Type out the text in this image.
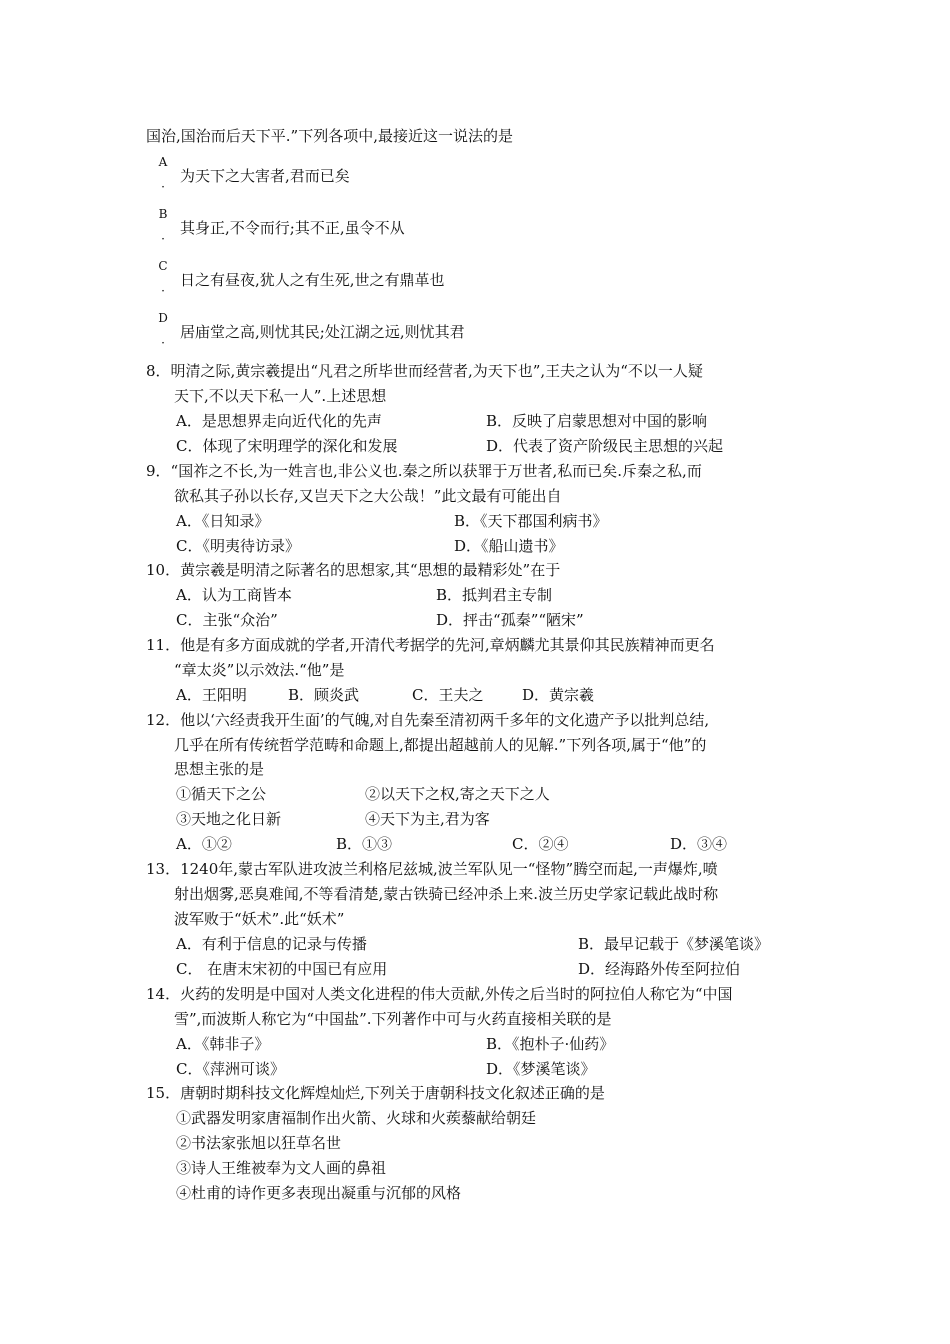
国治,国治而后天下平.”下列各项中,最接近这一说法的是
A
·
为天下之大害者,君而已矣
B
·
其身正,不令而行;其不正,虽令不从
C
·
日之有昼夜,犹人之有生死,世之有鼎革也
D
·
居庙堂之高,则忧其民;处江湖之远,则忧其君
8．明清之际,黄宗羲提出“凡君之所毕世而经营者,为天下也”,王夫之认为“不以一人疑
天下,不以天下私一人”.上述思想
A．是思想界走向近代化的先声	B．反映了启蒙思想对中国的影响
C．体现了宋明理学的深化和发展	D．代表了资产阶级民主思想的兴起
9．“国祚之不长,为一姓言也,非公义也.秦之所以获罪于万世者,私而已矣.斥秦之私,而
欲私其子孙以长存,又岂天下之大公哉！”此文最有可能出自
A．《日知录》	B．《天下郡国利病书》
C．《明夷待访录》	D．《船山遗书》
10．黄宗羲是明清之际著名的思想家,其“思想的最精彩处”在于
A．认为工商皆本	B．抵判君主专制
C．主张“众治”	D．抨击“孤秦”“陋宋”
11．他是有多方面成就的学者,开清代考据学的先河,章炳麟尤其景仰其民族精神而更名
“章太炎”以示效法.“他”是
A．王阳明	B．顾炎武	C．王夫之	D．黄宗羲
12．他以‘六经责我开生面’的气魄,对自先秦至清初两千多年的文化遗产予以批判总结,
几乎在所有传统哲学范畴和命题上,都提出超越前人的见解.”下列各项,属于“他”的
思想主张的是
①循天下之公	②以天下之权,寄之天下之人
③天地之化日新	④天下为主,君为客
A．①②	B．①③	C．②④	D．③④
13．1240年,蒙古军队进攻波兰利格尼兹城,波兰军队见一“怪物”腾空而起,一声爆炸,喷
射出烟雾,恶臭难闻,不等看清楚,蒙古铁骑已经冲杀上来.波兰历史学家记载此战时称
波军败于“妖术”.此“妖术”
A．有利于信息的记录与传播	B．最早记载于《梦溪笔谈》
C． 在唐末宋初的中国已有应用	D．经海路外传至阿拉伯
14．火药的发明是中国对人类文化进程的伟大贡献,外传之后当时的阿拉伯人称它为“中国
雪”,而波斯人称它为“中国盐”.下列著作中可与火药直接相关联的是
A．《韩非子》	B．《抱朴子·仙药》
C．《萍洲可谈》	D．《梦溪笔谈》
15．唐朝时期科技文化辉煌灿烂,下列关于唐朝科技文化叙述正确的是
①武器发明家唐福制作出火箭、火球和火蒺藜献给朝廷
②书法家张旭以狂草名世
③诗人王维被奉为文人画的鼻祖
④杜甫的诗作更多表现出凝重与沉郁的风格
